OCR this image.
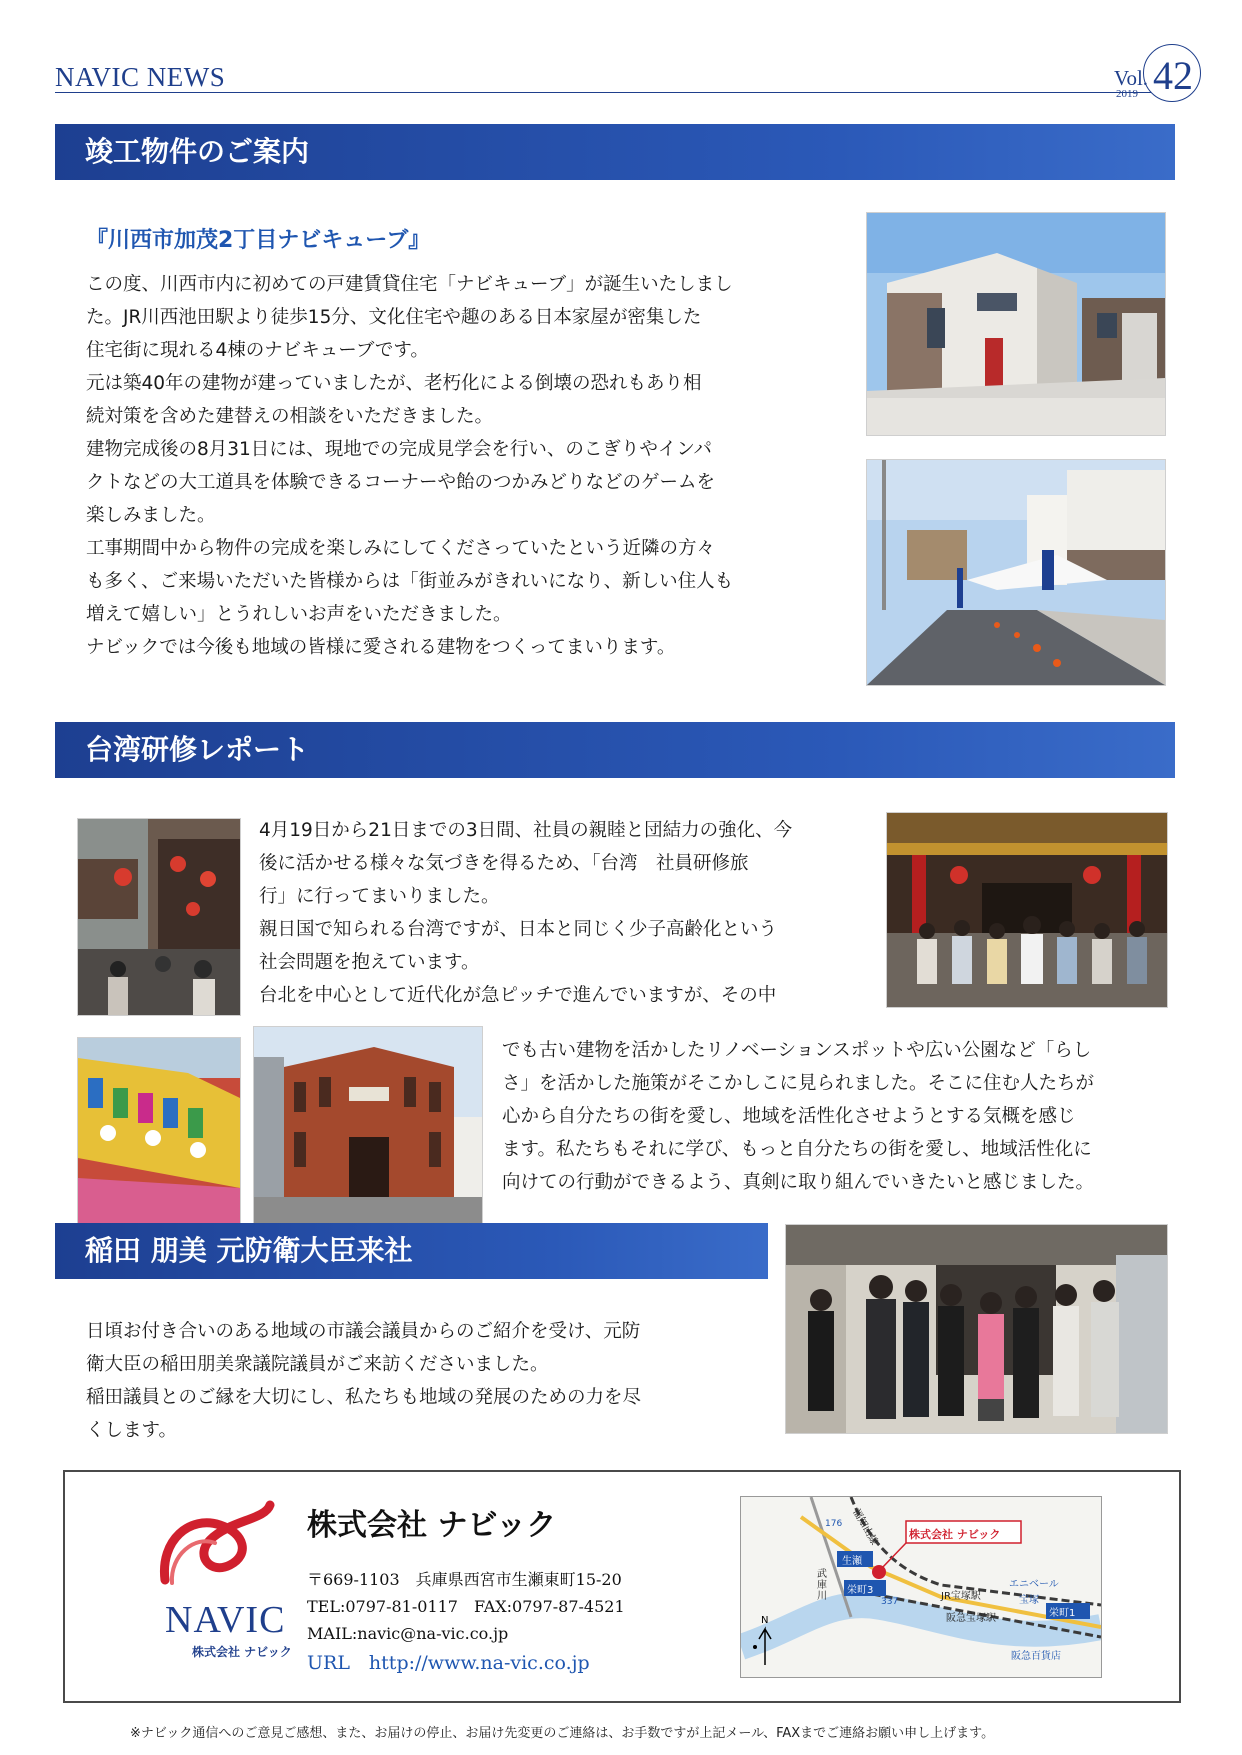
NAVIC NEWS	Vol. 42
2019
竣工物件のご案内
『川西市加茂2丁目ナビキューブ』
この度、川西市内に初めての戸建賃貸住宅「ナビキューブ」が誕生いたしまし
た。JR川西池田駅より徒歩15分、文化住宅や趣のある日本家屋が密集した
住宅街に現れる4棟のナビキューブです。
元は築40年の建物が建っていましたが、老朽化による倒壊の恐れもあり相
続対策を含めた建替えの相談をいただきました。
建物完成後の8月31日には、現地での完成見学会を行い、のこぎりやインパ
クトなどの大工道具を体験できるコーナーや飴のつかみどりなどのゲームを
楽しみました。
工事期間中から物件の完成を楽しみにしてくださっていたという近隣の方々
も多く、ご来場いただいた皆様からは「街並みがきれいになり、新しい住人も
増えて嬉しい」とうれしいお声をいただきました。
ナビックでは今後も地域の皆様に愛される建物をつくってまいります。
台湾研修レポート
4月19日から21日までの3日間、社員の親睦と団結力の強化、今
後に活かせる様々な気づきを得るため、「台湾　社員研修旅
行」に行ってまいりました。
親日国で知られる台湾ですが、日本と同じく少子高齢化という
社会問題を抱えています。
台北を中心として近代化が急ピッチで進んでいますが、その中
でも古い建物を活かしたリノベーションスポットや広い公園など「らし
さ」を活かした施策がそこかしこに見られました。そこに住む人たちが
心から自分たちの街を愛し、地域を活性化させようとする気概を感じ
ます。私たちもそれに学び、もっと自分たちの街を愛し、地域活性化に
向けての行動ができるよう、真剣に取り組んでいきたいと感じました。
稲田 朋美 元防衛大臣来社
日頃お付き合いのある地域の市議会議員からのご紹介を受け、元防
衛大臣の稲田朋美衆議院議員がご来訪くださいました。
稲田議員とのご縁を大切にし、私たちも地域の発展のための力を尽
くします。
NAVIC
株式会社 ナビック
株式会社 ナビック
〒669-1103　兵庫県西宮市生瀬東町15-20
TEL:0797-81-0117　FAX:0797-87-4521
MAIL:navic@na-vic.co.jp
URL　http://www.na-vic.co.jp
株式会社 ナビック
福知山線
武庫川
生瀬
栄町3
JR宝塚駅
エニベール
宝塚
阪急宝塚駅	栄町1
阪急百貨店
176
337
N
※ナビック通信へのご意見ご感想、また、お届けの停止、お届け先変更のご連絡は、お手数ですが上記メール、FAXまでご連絡お願い申し上げます。
